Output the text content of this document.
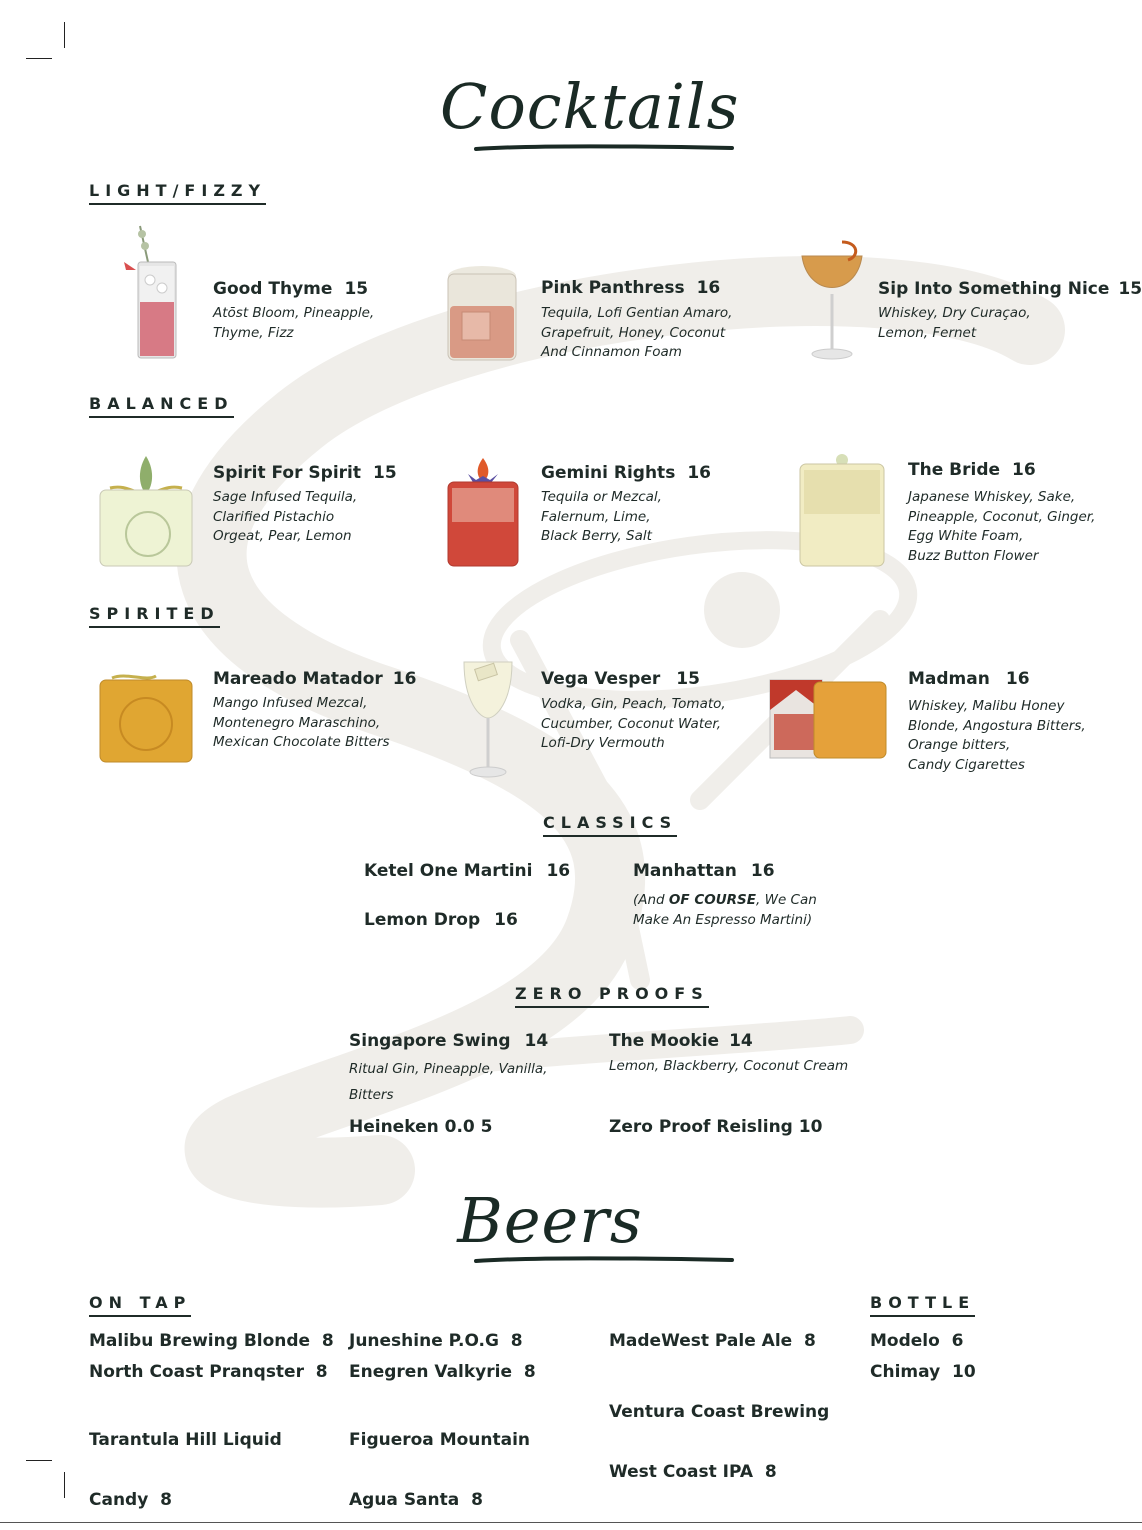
Cocktails
LIGHT/FIZZY
BALANCED
SPIRITED
CLASSICS
ZERO PROOFS
ON TAP	BOTTLE
Good Thyme 15
Atōst Bloom, Pineapple,
Thyme, Fizz
Pink Panthress 16
Tequila, Lofi Gentian Amaro,
Grapefruit, Honey, Coconut
And Cinnamon Foam
Sip Into Something Nice 15
Whiskey, Dry Curaçao,
Lemon, Fernet
Spirit For Spirit 15
Sage Infused Tequila,
Clarified Pistachio
Orgeat, Pear, Lemon
Gemini Rights 16
Tequila or Mezcal,
Falernum, Lime,
Black Berry, Salt
The Bride 16
Japanese Whiskey, Sake,
Pineapple, Coconut, Ginger,
Egg White Foam,
Buzz Button Flower
Mareado Matador 16
Mango Infused Mezcal,
Montenegro Maraschino,
Mexican Chocolate Bitters
Vega Vesper 15
Vodka, Gin, Peach, Tomato,
Cucumber, Coconut Water,
Lofi-Dry Vermouth
Madman 16
Whiskey, Malibu Honey
Blonde, Angostura Bitters,
Orange bitters,
Candy Cigarettes
Ketel One Martini 16
Lemon Drop 16
Manhattan 16
(And OF COURSE, We Can
Make An Espresso Martini)
Singapore Swing 14
Ritual Gin, Pineapple, Vanilla,
Bitters
Heineken 0.0 5
The Mookie 14
Lemon, Blackberry, Coconut Cream
Zero Proof Reisling 10
Beers
Malibu Brewing Blonde  8
North Coast Pranqster  8

Tarantula Hill Liquid

Candy  8

Juneshine P.O.G  8
Enegren Valkyrie  8

Figueroa Mountain

Agua Santa  8

MadeWest Pale Ale  8

Ventura Coast Brewing

West Coast IPA  8

Modelo  6
Chimay  10
